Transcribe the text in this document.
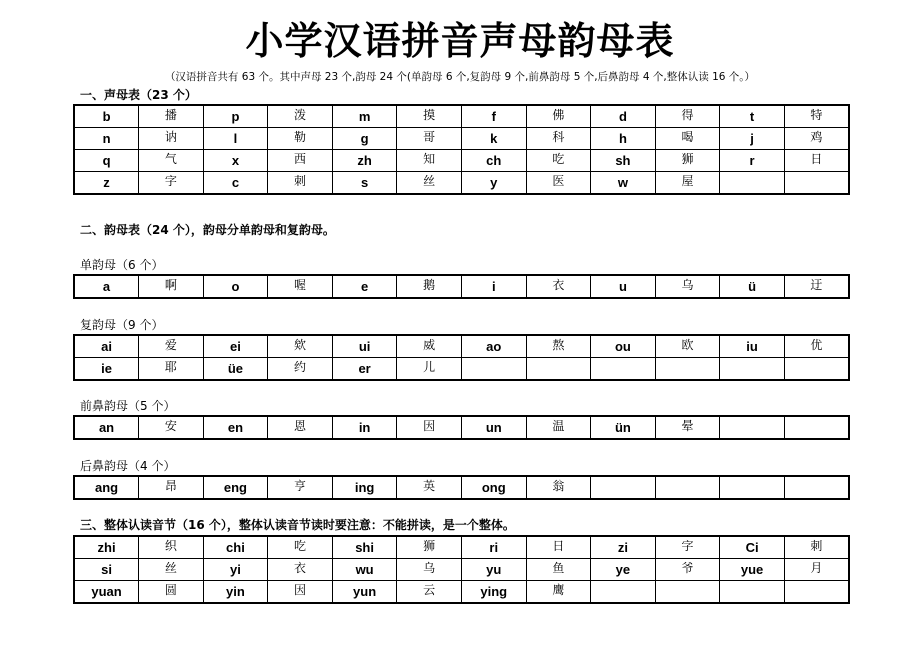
小学汉语拼音声母韵母表
（汉语拼音共有 63 个。其中声母 23 个,韵母 24 个(单韵母 6 个,复韵母 9 个,前鼻韵母 5 个,后鼻韵母 4 个,整体认读 16 个。）
一、声母表（23 个）
b	播	p	泼	m	摸	f	佛	d	得	t	特
n	讷	l	勒	g	哥	k	科	h	喝	j	鸡
q	气	x	西	zh	知	ch	吃	sh	狮	r	日
z	字	c	刺	s	丝	y	医	w	屋		
二、韵母表（24 个），韵母分单韵母和复韵母。
单韵母（6 个）
a	啊	o	喔	e	鹅	i	衣	u	乌	ü	迂
复韵母（9 个）
ai	爱	ei	欸	ui	威	ao	熬	ou	欧	iu	优
ie	耶	üe	约	er	儿						
前鼻韵母（5 个）
an	安	en	恩	in	因	un	温	ün	晕		
后鼻韵母（4 个）
ang	昂	eng	亨	ing	英	ong	翁				
三、整体认读音节（16 个），整体认读音节读时要注意：不能拼读，是一个整体。
zhi	织	chi	吃	shi	狮	ri	日	zi	字	Ci	刺
si	丝	yi	衣	wu	乌	yu	鱼	ye	爷	yue	月
yuan	圆	yin	因	yun	云	ying	鹰				
